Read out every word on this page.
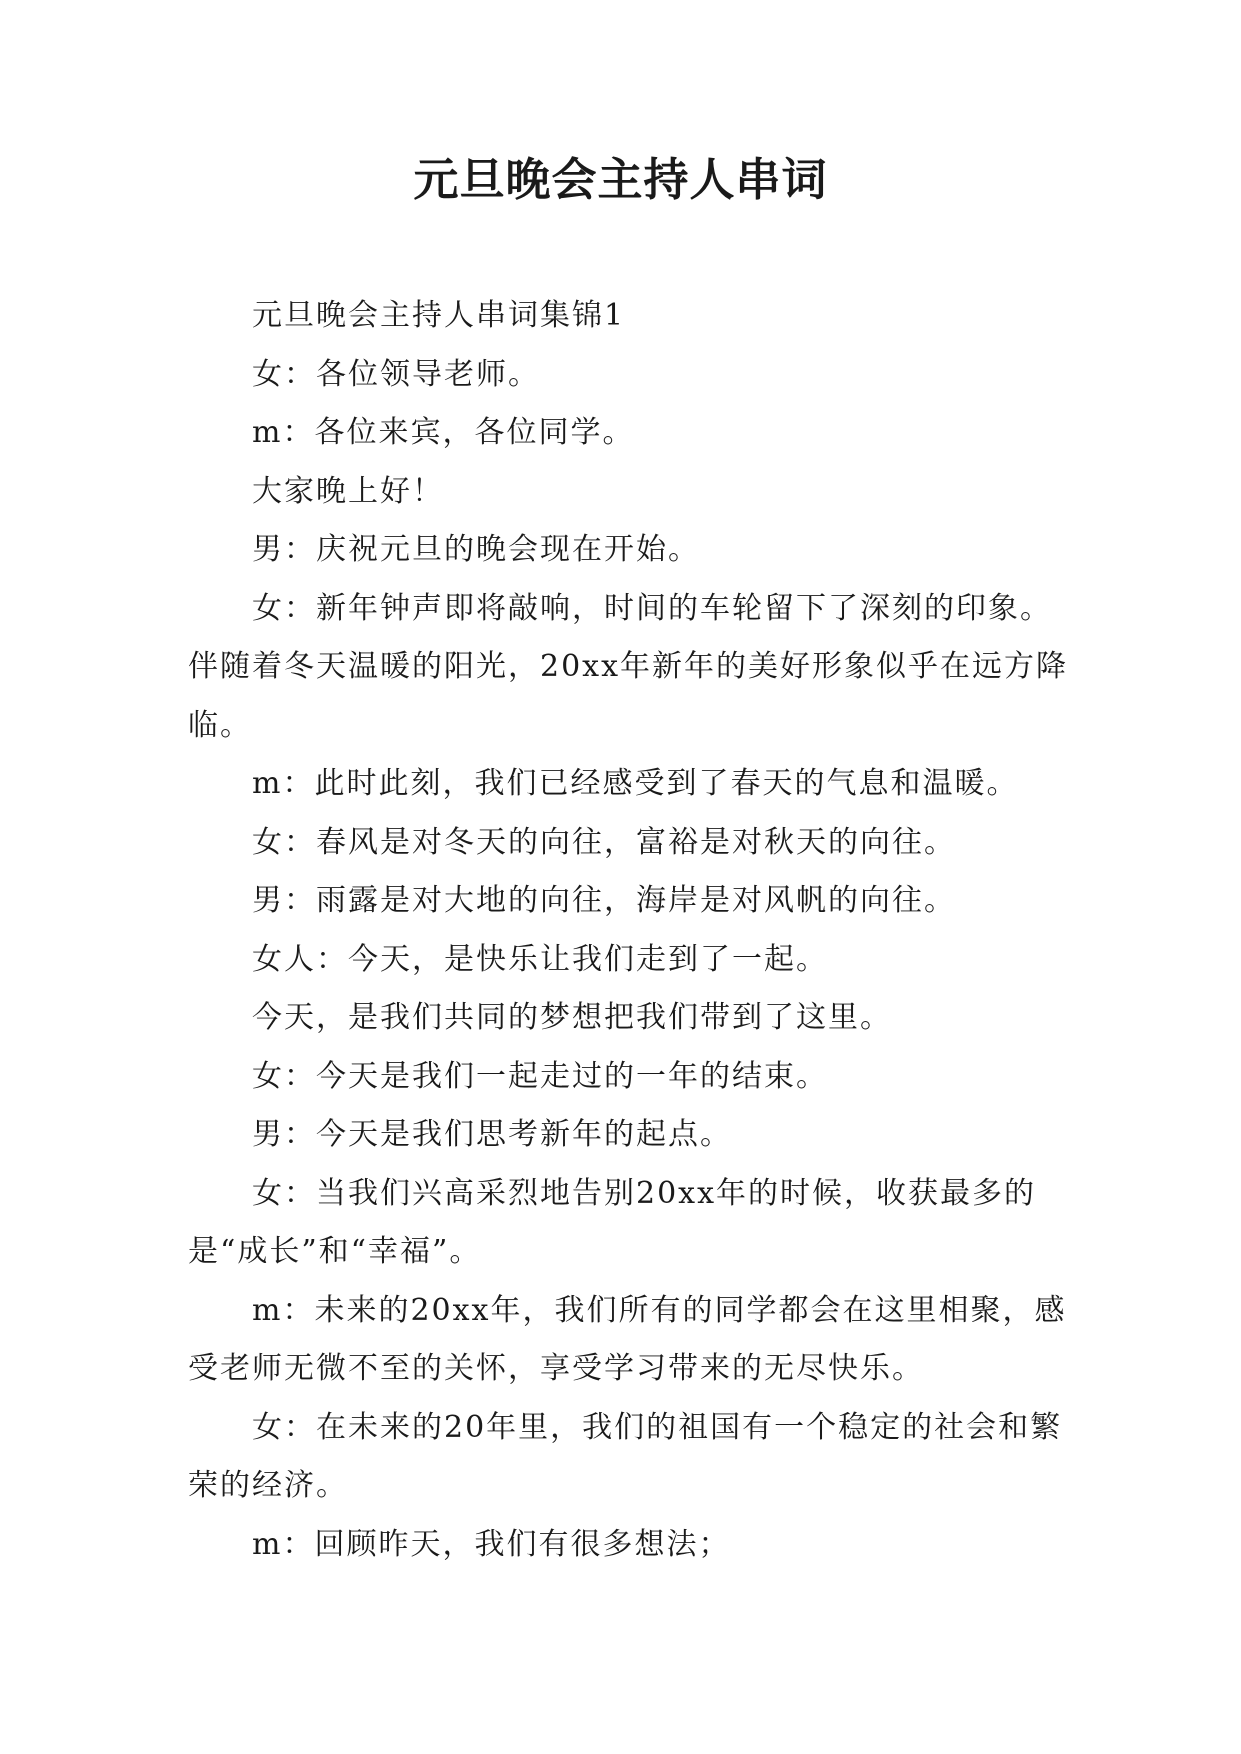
元旦晚会主持人串词

元旦晚会主持人串词集锦1

女：各位领导老师。

m：各位来宾，各位同学。

大家晚上好！

男：庆祝元旦的晚会现在开始。

女：新年钟声即将敲响，时间的车轮留下了深刻的印象。伴随着冬天温暖的阳光，20xx年新年的美好形象似乎在远方降临。

m：此时此刻，我们已经感受到了春天的气息和温暖。

女：春风是对冬天的向往，富裕是对秋天的向往。

男：雨露是对大地的向往，海岸是对风帆的向往。

女人：今天，是快乐让我们走到了一起。

今天，是我们共同的梦想把我们带到了这里。

女：今天是我们一起走过的一年的结束。

男：今天是我们思考新年的起点。

女：当我们兴高采烈地告别20xx年的时候，收获最多的是“成长”和“幸福”。

m：未来的20xx年，我们所有的同学都会在这里相聚，感受老师无微不至的关怀，享受学习带来的无尽快乐。

女：在未来的20年里，我们的祖国有一个稳定的社会和繁荣的经济。

m：回顾昨天，我们有很多想法；
